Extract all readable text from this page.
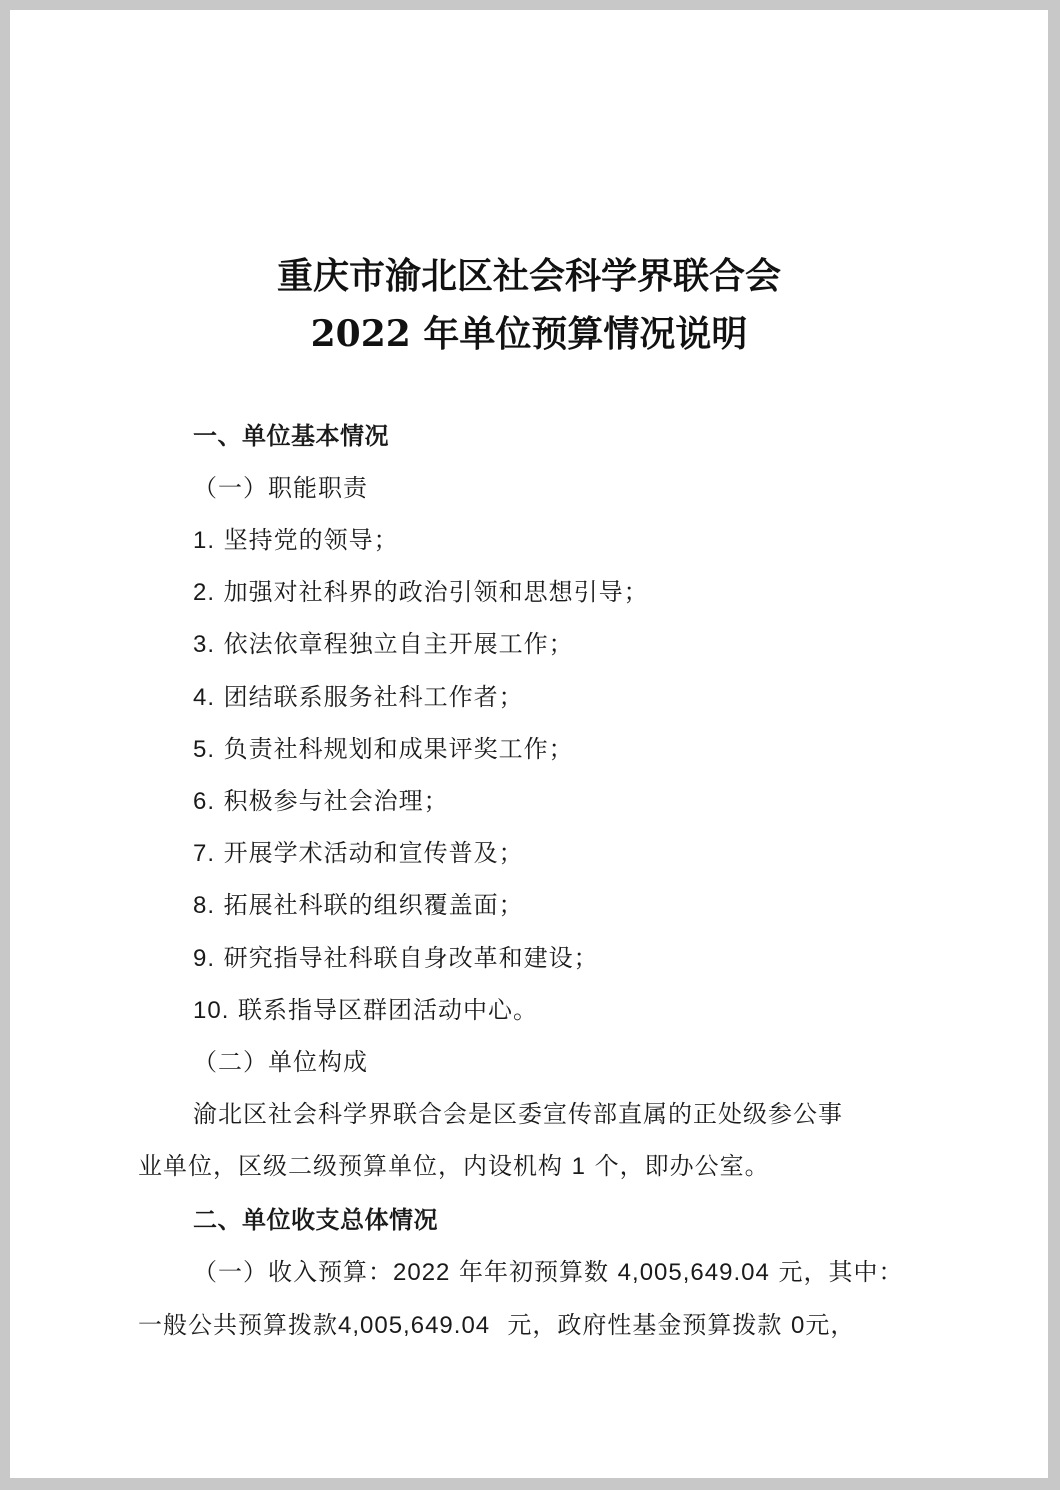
重庆市渝北区社会科学界联合会
2022 年单位预算情况说明
一、单位基本情况
（一）职能职责
1. 坚持党的领导；
2. 加强对社科界的政治引领和思想引导；
3. 依法依章程独立自主开展工作；
4. 团结联系服务社科工作者；
5. 负责社科规划和成果评奖工作；
6. 积极参与社会治理；
7. 开展学术活动和宣传普及；
8. 拓展社科联的组织覆盖面；
9. 研究指导社科联自身改革和建设；
10. 联系指导区群团活动中心。
（二）单位构成
渝北区社会科学界联合会是区委宣传部直属的正处级参公事
业单位，区级二级预算单位，内设机构 1 个，即办公室。
二、单位收支总体情况
（一）收入预算：2022 年年初预算数 4,005,649.04 元，其中：
一般公共预算拨款4,005,649.04 元，政府性基金预算拨款 0元，
